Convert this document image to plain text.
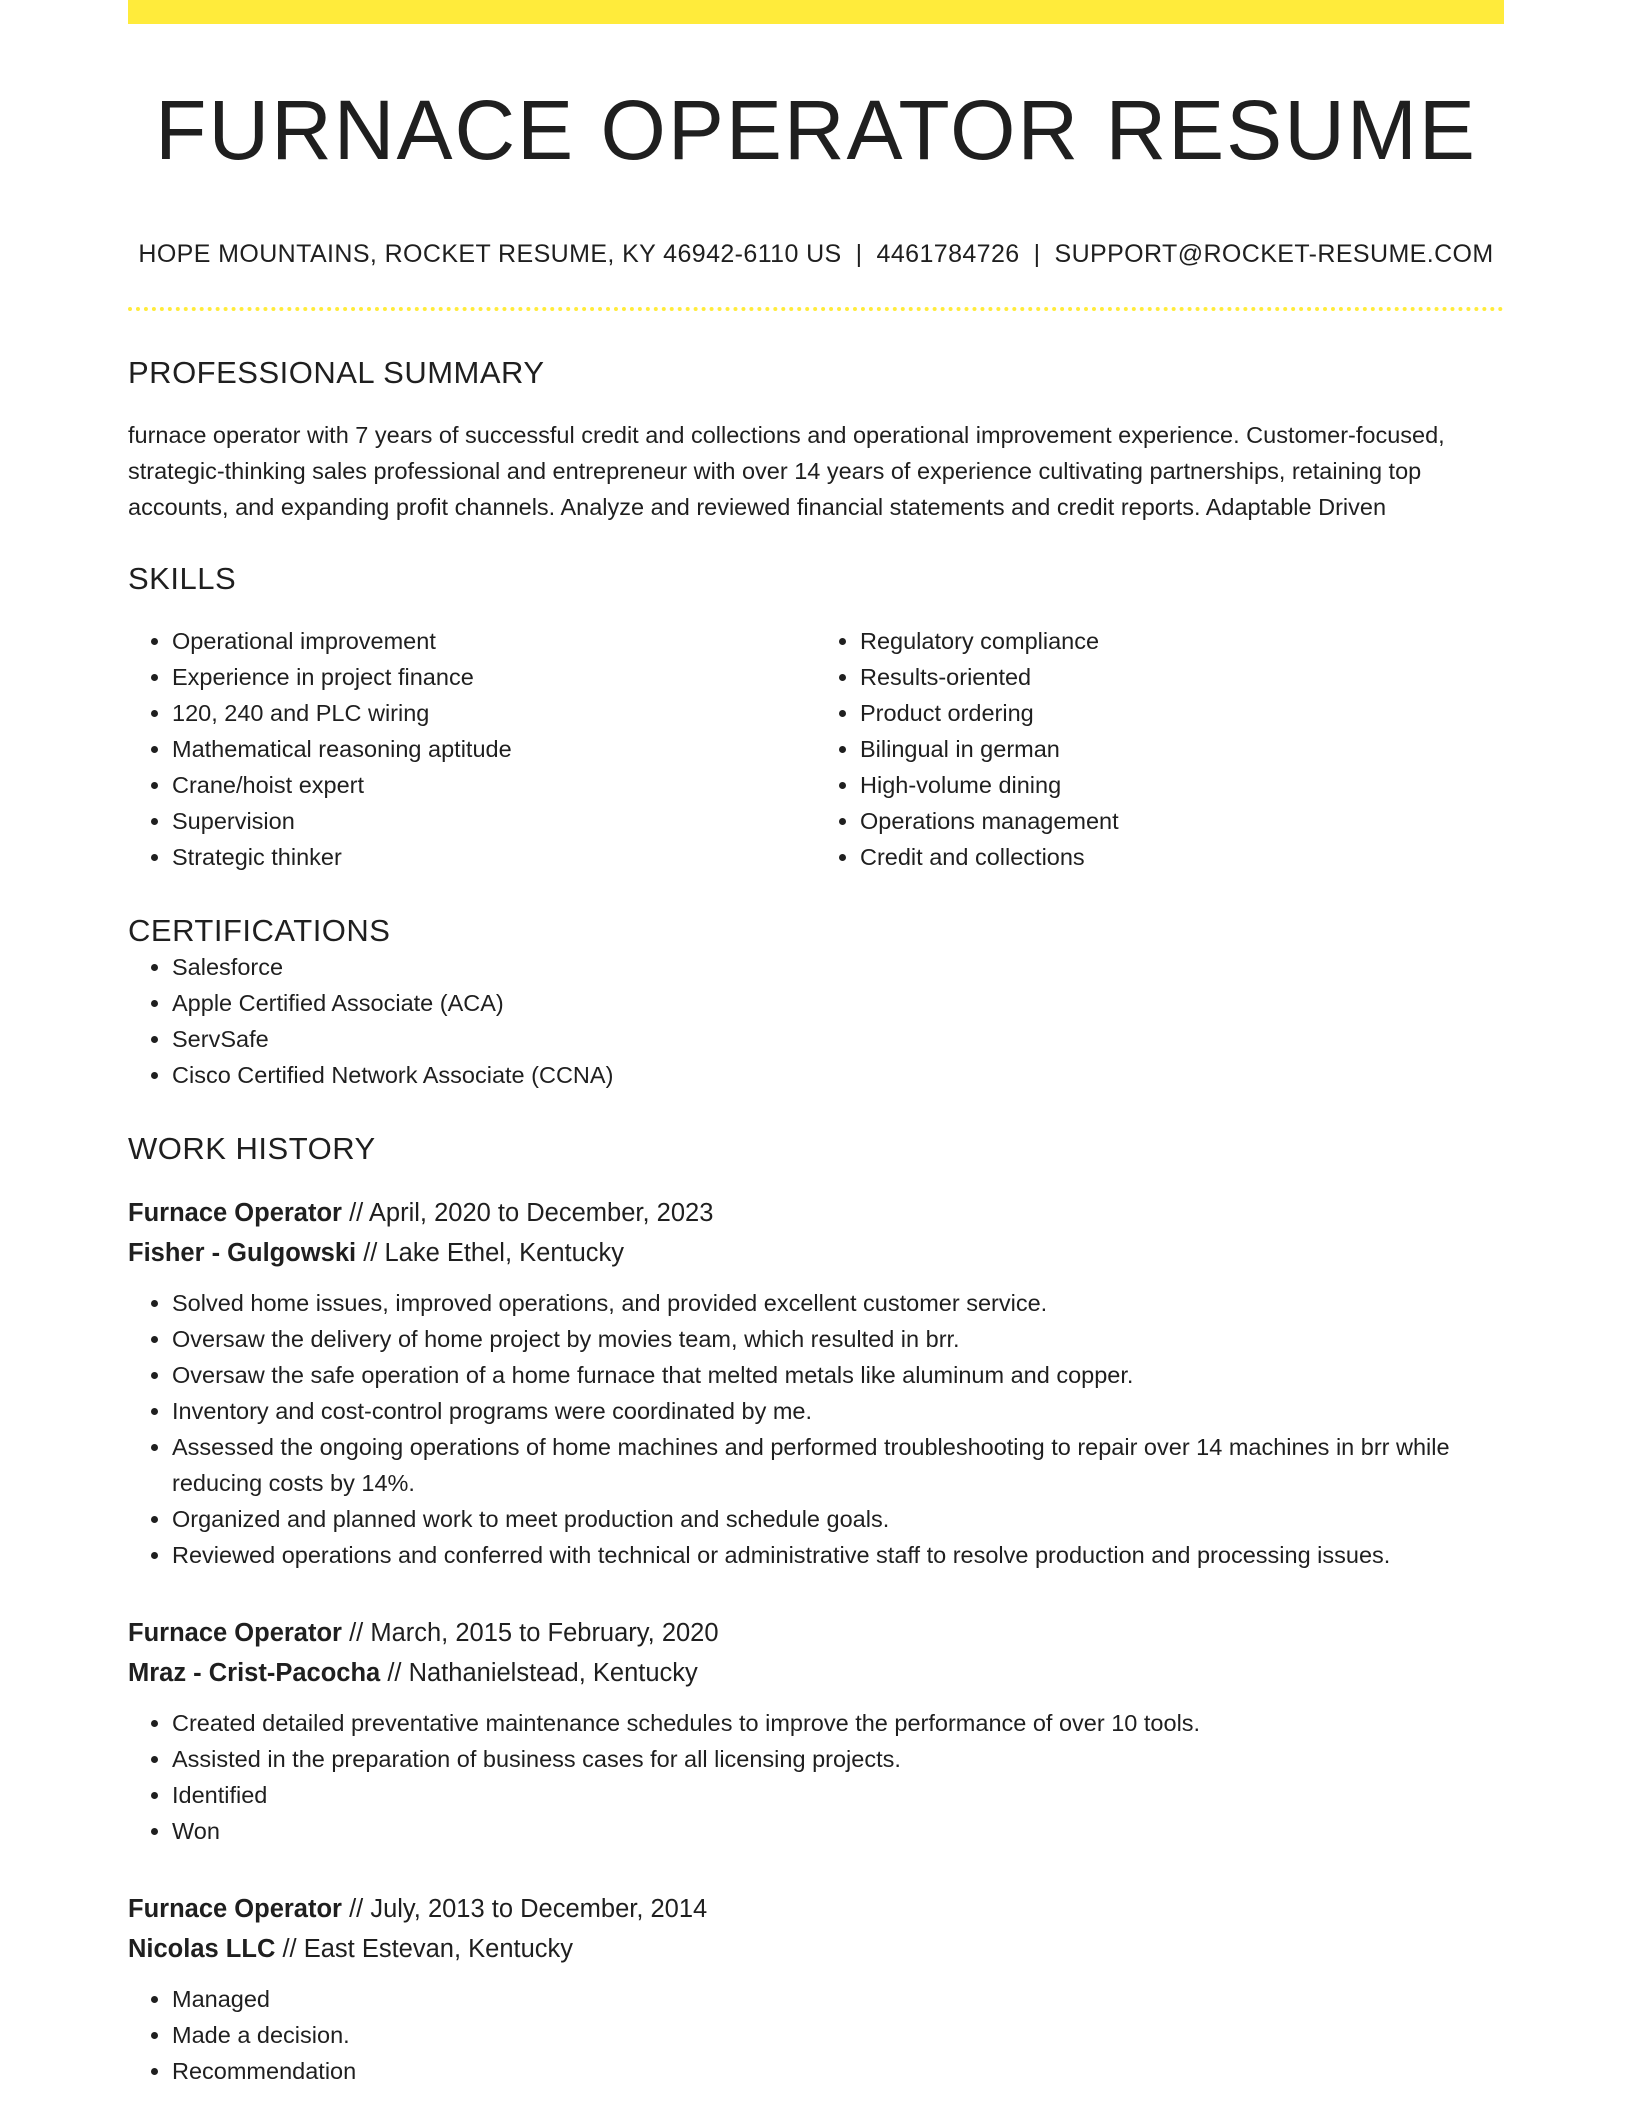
FURNACE OPERATOR RESUME
HOPE MOUNTAINS, ROCKET RESUME, KY 46942-6110 US | 4461784726 | SUPPORT@ROCKET-RESUME.COM
PROFESSIONAL SUMMARY
furnace operator with 7 years of successful credit and collections and operational improvement experience. Customer-focused, strategic-thinking sales professional and entrepreneur with over 14 years of experience cultivating partnerships, retaining top accounts, and expanding profit channels. Analyze and reviewed financial statements and credit reports. Adaptable Driven
SKILLS
• Operational improvement
• Experience in project finance
• 120, 240 and PLC wiring
• Mathematical reasoning aptitude
• Crane/hoist expert
• Supervision
• Strategic thinker
• Regulatory compliance
• Results-oriented
• Product ordering
• Bilingual in german
• High-volume dining
• Operations management
• Credit and collections
CERTIFICATIONS
• Salesforce
• Apple Certified Associate (ACA)
• ServSafe
• Cisco Certified Network Associate (CCNA)
WORK HISTORY
Furnace Operator // April, 2020 to December, 2023
Fisher - Gulgowski // Lake Ethel, Kentucky
• Solved home issues, improved operations, and provided excellent customer service.
• Oversaw the delivery of home project by movies team, which resulted in brr.
• Oversaw the safe operation of a home furnace that melted metals like aluminum and copper.
• Inventory and cost-control programs were coordinated by me.
• Assessed the ongoing operations of home machines and performed troubleshooting to repair over 14 machines in brr while reducing costs by 14%.
• Organized and planned work to meet production and schedule goals.
• Reviewed operations and conferred with technical or administrative staff to resolve production and processing issues.
Furnace Operator // March, 2015 to February, 2020
Mraz - Crist-Pacocha // Nathanielstead, Kentucky
• Created detailed preventative maintenance schedules to improve the performance of over 10 tools.
• Assisted in the preparation of business cases for all licensing projects.
• Identified
• Won
Furnace Operator // July, 2013 to December, 2014
Nicolas LLC // East Estevan, Kentucky
• Managed
• Made a decision.
• Recommendation
